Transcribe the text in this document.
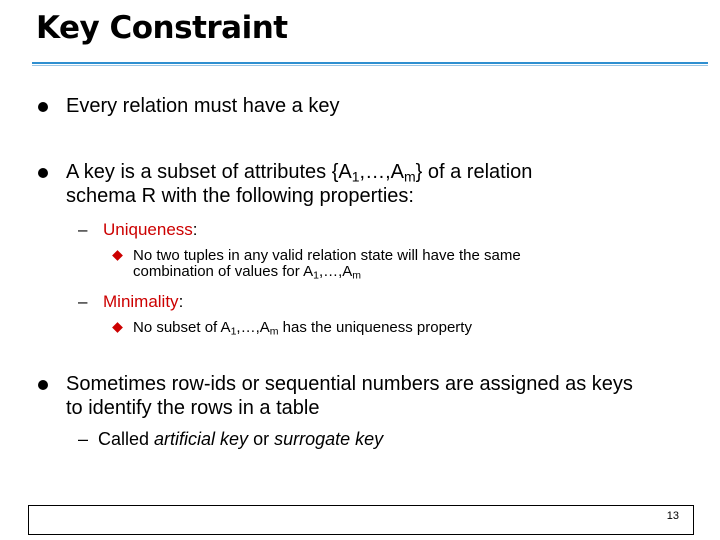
Key Constraint
Every relation must have a key
A key is a subset of attributes $\{A_1,\dots,A_m\}$ of a relation
schema R with the following properties:
– Uniqueness:
No two tuples in any valid relation state will have the same
combination of values for $A_1,\dots,A_m$
– Minimality:
No subset of $A_1,\dots,A_m$ has the uniqueness property
Sometimes row-ids or sequential numbers are assigned as keys
to identify the rows in a table
– Called artificial key or surrogate key
13
